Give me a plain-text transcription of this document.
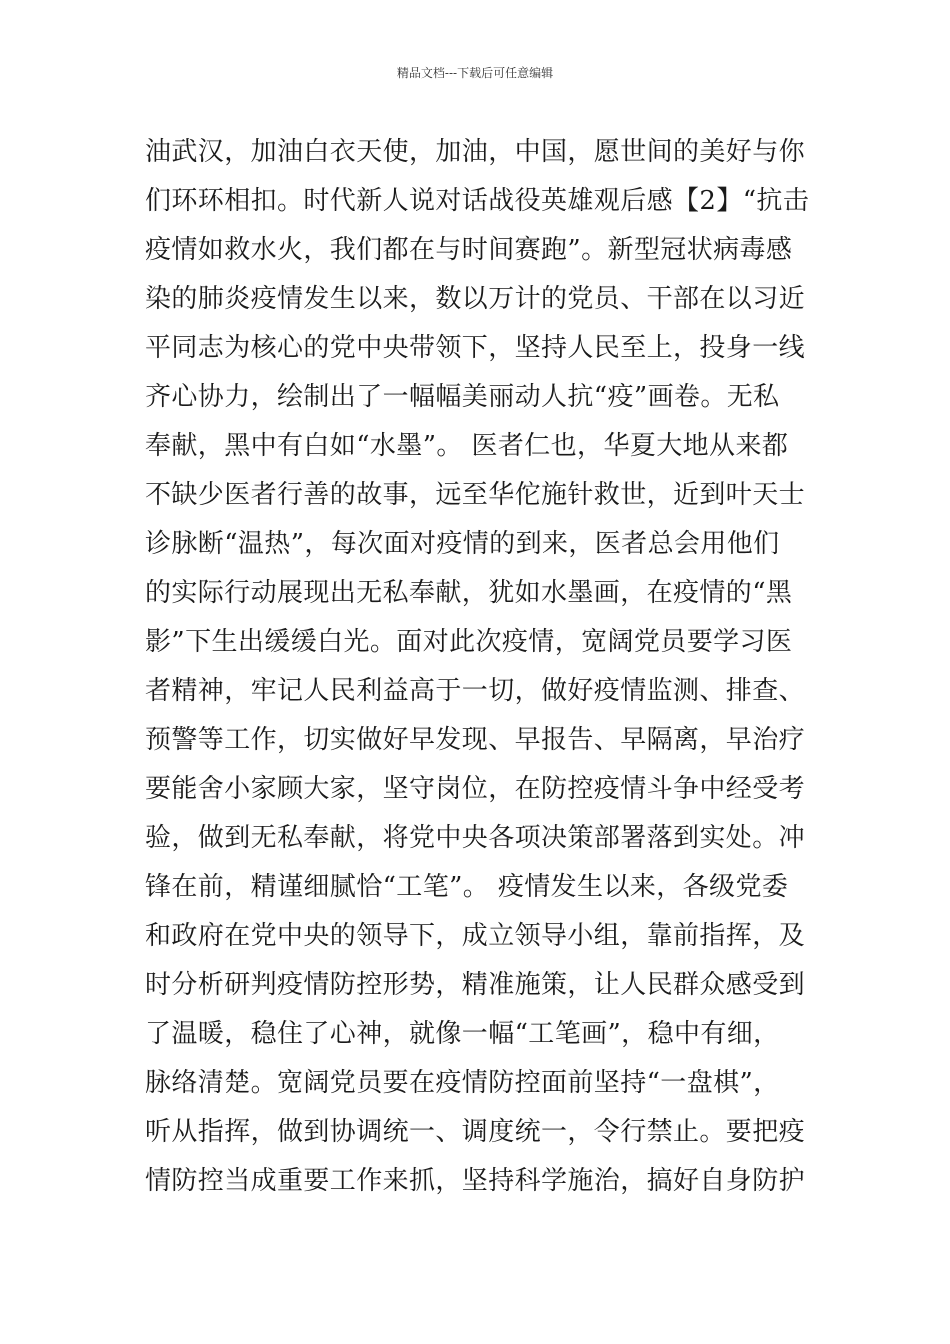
精品文档---下载后可任意编辑
油武汉，加油白衣天使，加油，中国，愿世间的美好与你
们环环相扣。时代新人说对话战役英雄观后感【2】“抗击
疫情如救水火，我们都在与时间赛跑”。新型冠状病毒感
染的肺炎疫情发生以来，数以万计的党员、干部在以习近
平同志为核心的党中央带领下，坚持人民至上，投身一线
齐心协力，绘制出了一幅幅美丽动人抗“疫”画卷。无私
奉献，黑中有白如“水墨”。 医者仁也，华夏大地从来都
不缺少医者行善的故事，远至华佗施针救世，近到叶天士
诊脉断“温热”，每次面对疫情的到来，医者总会用他们
的实际行动展现出无私奉献，犹如水墨画，在疫情的“黑
影”下生出缓缓白光。面对此次疫情，宽阔党员要学习医
者精神，牢记人民利益高于一切，做好疫情监测、排查、
预警等工作，切实做好早发现、早报告、早隔离，早治疗
要能舍小家顾大家，坚守岗位，在防控疫情斗争中经受考
验，做到无私奉献，将党中央各项决策部署落到实处。冲
锋在前，精谨细腻恰“工笔”。 疫情发生以来，各级党委
和政府在党中央的领导下，成立领导小组，靠前指挥，及
时分析研判疫情防控形势，精准施策，让人民群众感受到
了温暖，稳住了心神，就像一幅“工笔画”，稳中有细，
脉络清楚。宽阔党员要在疫情防控面前坚持“一盘棋”，
听从指挥，做到协调统一、调度统一，令行禁止。要把疫
情防控当成重要工作来抓，坚持科学施治，搞好自身防护
